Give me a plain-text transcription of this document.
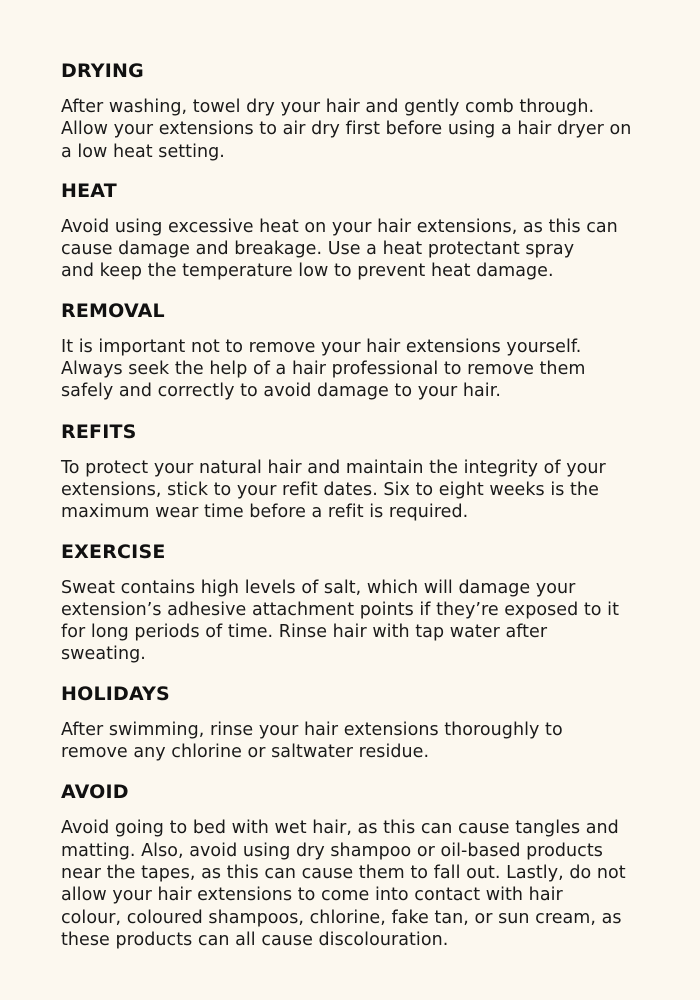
DRYING

After washing, towel dry your hair and gently comb through.
Allow your extensions to air dry first before using a hair dryer on
a low heat setting.

HEAT

Avoid using excessive heat on your hair extensions, as this can
cause damage and breakage. Use a heat protectant spray
and keep the temperature low to prevent heat damage.

REMOVAL

It is important not to remove your hair extensions yourself.
Always seek the help of a hair professional to remove them
safely and correctly to avoid damage to your hair.

REFITS

To protect your natural hair and maintain the integrity of your
extensions, stick to your refit dates. Six to eight weeks is the
maximum wear time before a refit is required.

EXERCISE

Sweat contains high levels of salt, which will damage your
extension’s adhesive attachment points if they’re exposed to it
for long periods of time. Rinse hair with tap water after
sweating.

HOLIDAYS

After swimming, rinse your hair extensions thoroughly to
remove any chlorine or saltwater residue.

AVOID

Avoid going to bed with wet hair, as this can cause tangles and
matting. Also, avoid using dry shampoo or oil-based products
near the tapes, as this can cause them to fall out. Lastly, do not
allow your hair extensions to come into contact with hair
colour, coloured shampoos, chlorine, fake tan, or sun cream, as
these products can all cause discolouration.
